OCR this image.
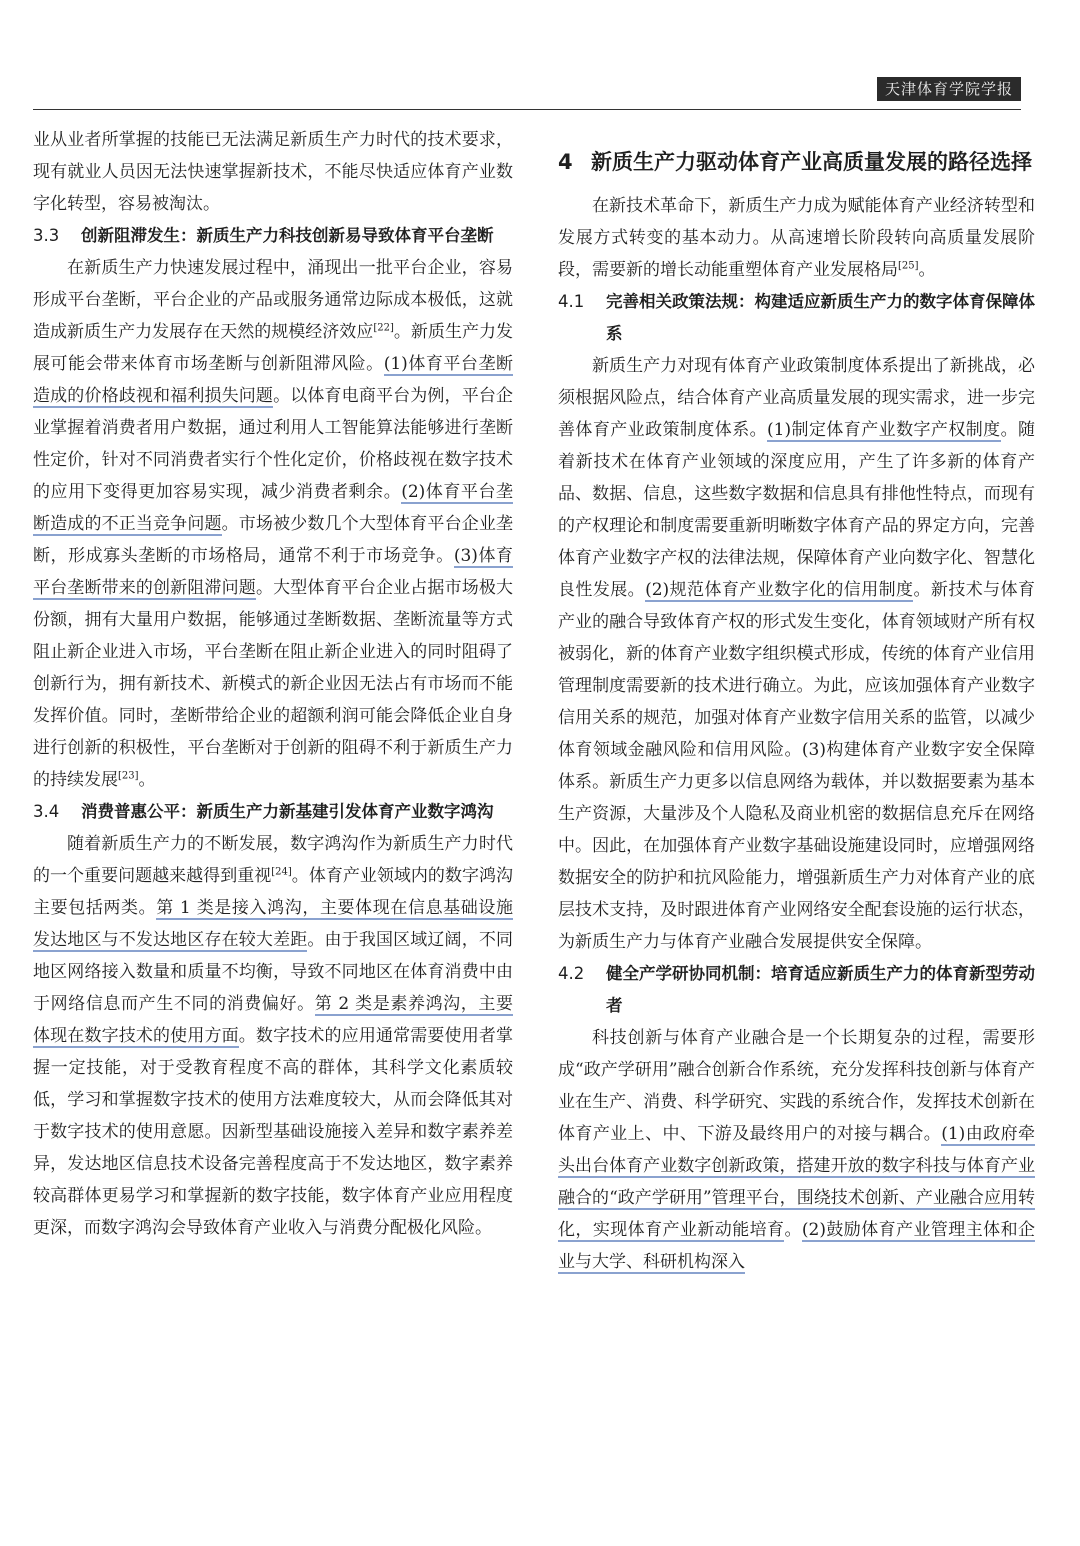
天津体育学院学报

业从业者所掌握的技能已无法满足新质生产力时代的技术要求，现有就业人员因无法快速掌握新技术，不能尽快适应体育产业数字化转型，容易被淘汰。

3.3	创新阻滞发生：新质生产力科技创新易导致体育平台垄断

在新质生产力快速发展过程中，涌现出一批平台企业，容易形成平台垄断，平台企业的产品或服务通常边际成本极低，这就造成新质生产力发展存在天然的规模经济效应[22]。新质生产力发展可能会带来体育市场垄断与创新阻滞风险。(1)体育平台垄断造成的价格歧视和福利损失问题。以体育电商平台为例，平台企业掌握着消费者用户数据，通过利用人工智能算法能够进行垄断性定价，针对不同消费者实行个性化定价，价格歧视在数字技术的应用下变得更加容易实现，减少消费者剩余。(2)体育平台垄断造成的不正当竞争问题。市场被少数几个大型体育平台企业垄断，形成寡头垄断的市场格局，通常不利于市场竞争。(3)体育平台垄断带来的创新阻滞问题。大型体育平台企业占据市场极大份额，拥有大量用户数据，能够通过垄断数据、垄断流量等方式阻止新企业进入市场，平台垄断在阻止新企业进入的同时阻碍了创新行为，拥有新技术、新模式的新企业因无法占有市场而不能发挥价值。同时，垄断带给企业的超额利润可能会降低企业自身进行创新的积极性，平台垄断对于创新的阻碍不利于新质生产力的持续发展[23]。

3.4	消费普惠公平：新质生产力新基建引发体育产业数字鸿沟

随着新质生产力的不断发展，数字鸿沟作为新质生产力时代的一个重要问题越来越得到重视[24]。体育产业领域内的数字鸿沟主要包括两类。第 1 类是接入鸿沟，主要体现在信息基础设施发达地区与不发达地区存在较大差距。由于我国区域辽阔，不同地区网络接入数量和质量不均衡，导致不同地区在体育消费中由于网络信息而产生不同的消费偏好。第 2 类是素养鸿沟，主要体现在数字技术的使用方面。数字技术的应用通常需要使用者掌握一定技能，对于受教育程度不高的群体，其科学文化素质较低，学习和掌握数字技术的使用方法难度较大，从而会降低其对于数字技术的使用意愿。因新型基础设施接入差异和数字素养差异，发达地区信息技术设备完善程度高于不发达地区，数字素养较高群体更易学习和掌握新的数字技能，数字体育产业应用程度更深，而数字鸿沟会导致体育产业收入与消费分配极化风险。

4 新质生产力驱动体育产业高质量发展的路径选择

在新技术革命下，新质生产力成为赋能体育产业经济转型和发展方式转变的基本动力。从高速增长阶段转向高质量发展阶段，需要新的增长动能重塑体育产业发展格局[25]。

4.1	完善相关政策法规：构建适应新质生产力的数字体育保障体系

新质生产力对现有体育产业政策制度体系提出了新挑战，必须根据风险点，结合体育产业高质量发展的现实需求，进一步完善体育产业政策制度体系。(1)制定体育产业数字产权制度。随着新技术在体育产业领域的深度应用，产生了许多新的体育产品、数据、信息，这些数字数据和信息具有排他性特点，而现有的产权理论和制度需要重新明晰数字体育产品的界定方向，完善体育产业数字产权的法律法规，保障体育产业向数字化、智慧化良性发展。(2)规范体育产业数字化的信用制度。新技术与体育产业的融合导致体育产权的形式发生变化，体育领域财产所有权被弱化，新的体育产业数字组织模式形成，传统的体育产业信用管理制度需要新的技术进行确立。为此，应该加强体育产业数字信用关系的规范，加强对体育产业数字信用关系的监管，以减少体育领域金融风险和信用风险。(3)构建体育产业数字安全保障体系。新质生产力更多以信息网络为载体，并以数据要素为基本生产资源，大量涉及个人隐私及商业机密的数据信息充斥在网络中。因此，在加强体育产业数字基础设施建设同时，应增强网络数据安全的防护和抗风险能力，增强新质生产力对体育产业的底层技术支持，及时跟进体育产业网络安全配套设施的运行状态，为新质生产力与体育产业融合发展提供安全保障。

4.2	健全产学研协同机制：培育适应新质生产力的体育新型劳动者

科技创新与体育产业融合是一个长期复杂的过程，需要形成“政产学研用”融合创新合作系统，充分发挥科技创新与体育产业在生产、消费、科学研究、实践的系统合作，发挥技术创新在体育产业上、中、下游及最终用户的对接与耦合。(1)由政府牵头出台体育产业数字创新政策，搭建开放的数字科技与体育产业融合的“政产学研用”管理平台，围绕技术创新、产业融合应用转化，实现体育产业新动能培育。(2)鼓励体育产业管理主体和企业与大学、科研机构深入
